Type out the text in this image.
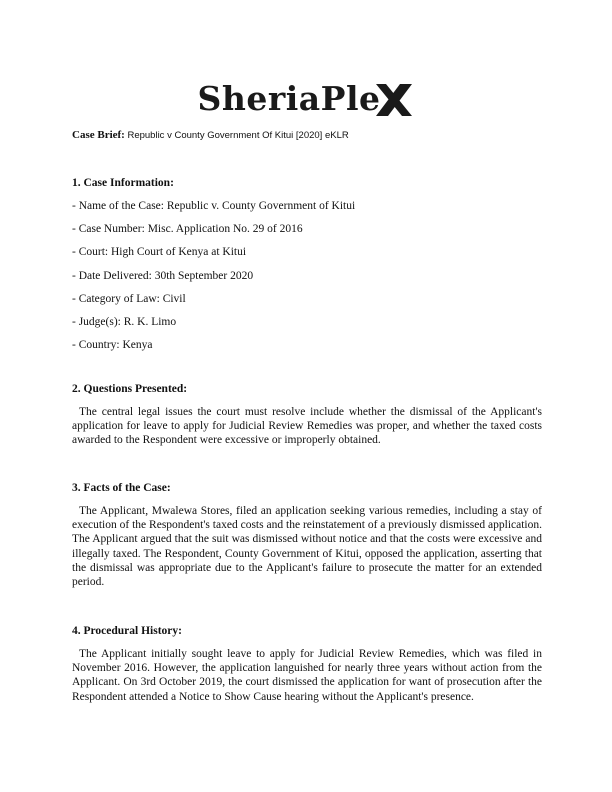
SheriaPle
Case Brief: Republic v County Government Of Kitui [2020] eKLR
1. Case Information:
- Name of the Case: Republic v. County Government of Kitui
- Case Number: Misc. Application No. 29 of 2016
- Court: High Court of Kenya at Kitui
- Date Delivered: 30th September 2020
- Category of Law: Civil
- Judge(s): R. K. Limo
- Country: Kenya
2. Questions Presented:

The central legal issues the court must resolve include whether the dismissal of the Applicant's application for leave to apply for Judicial Review Remedies was proper, and whether the taxed costs awarded to the Respondent were excessive or improperly obtained.

3. Facts of the Case:

The Applicant, Mwalewa Stores, filed an application seeking various remedies, including a stay of execution of the Respondent's taxed costs and the reinstatement of a previously dismissed application. The Applicant argued that the suit was dismissed without notice and that the costs were excessive and illegally taxed. The Respondent, County Government of Kitui, opposed the application, asserting that the dismissal was appropriate due to the Applicant's failure to prosecute the matter for an extended period.

4. Procedural History:

The Applicant initially sought leave to apply for Judicial Review Remedies, which was filed in November 2016. However, the application languished for nearly three years without action from the Applicant. On 3rd October 2019, the court dismissed the application for want of prosecution after the Respondent attended a Notice to Show Cause hearing without the Applicant's presence.
